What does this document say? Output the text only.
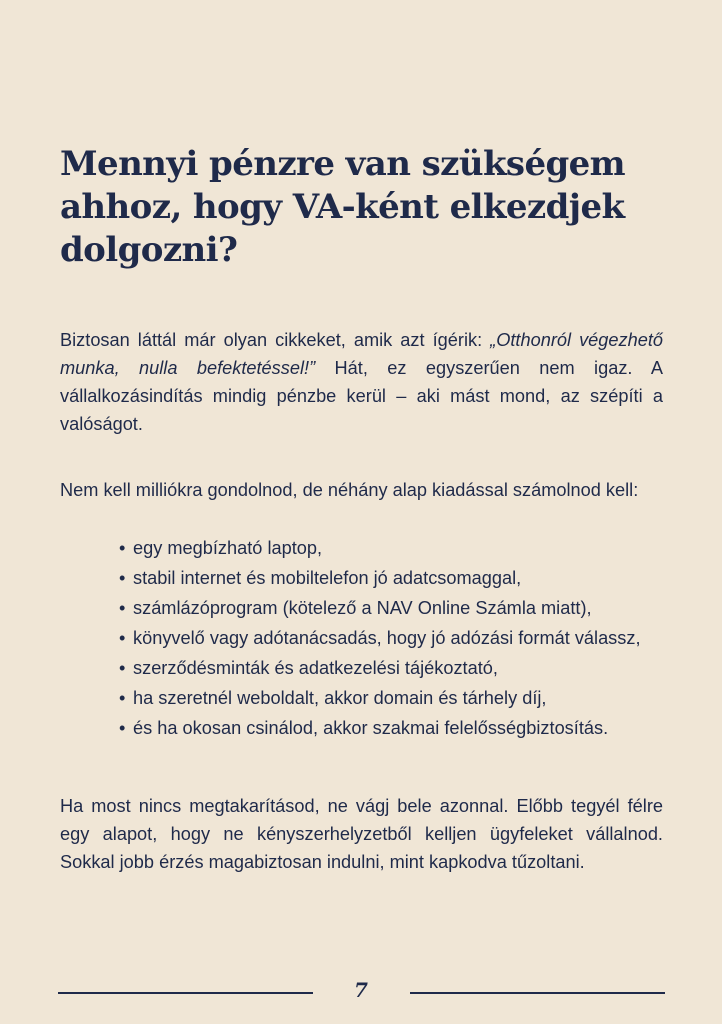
Mennyi pénzre van szükségem ahhoz, hogy VA-ként elkezdjek dolgozni?

Biztosan láttál már olyan cikkeket, amik azt ígérik: „Otthonról végezhető munka, nulla befektetéssel!” Hát, ez egyszerűen nem igaz. A vállalkozásindítás mindig pénzbe kerül – aki mást mond, az szépíti a valóságot.

Nem kell milliókra gondolnod, de néhány alap kiadással számolnod kell:

• egy megbízható laptop,
• stabil internet és mobiltelefon jó adatcsomaggal,
• számlázóprogram (kötelező a NAV Online Számla miatt),
• könyvelő vagy adótanácsadás, hogy jó adózási formát válassz,
• szerződésminták és adatkezelési tájékoztató,
• ha szeretnél weboldalt, akkor domain és tárhely díj,
• és ha okosan csinálod, akkor szakmai felelősségbiztosítás.

Ha most nincs megtakarításod, ne vágj bele azonnal. Előbb tegyél félre egy alapot, hogy ne kényszerhelyzetből kelljen ügyfeleket vállalnod. Sokkal jobb érzés magabiztosan indulni, mint kapkodva tűzoltani.

7
